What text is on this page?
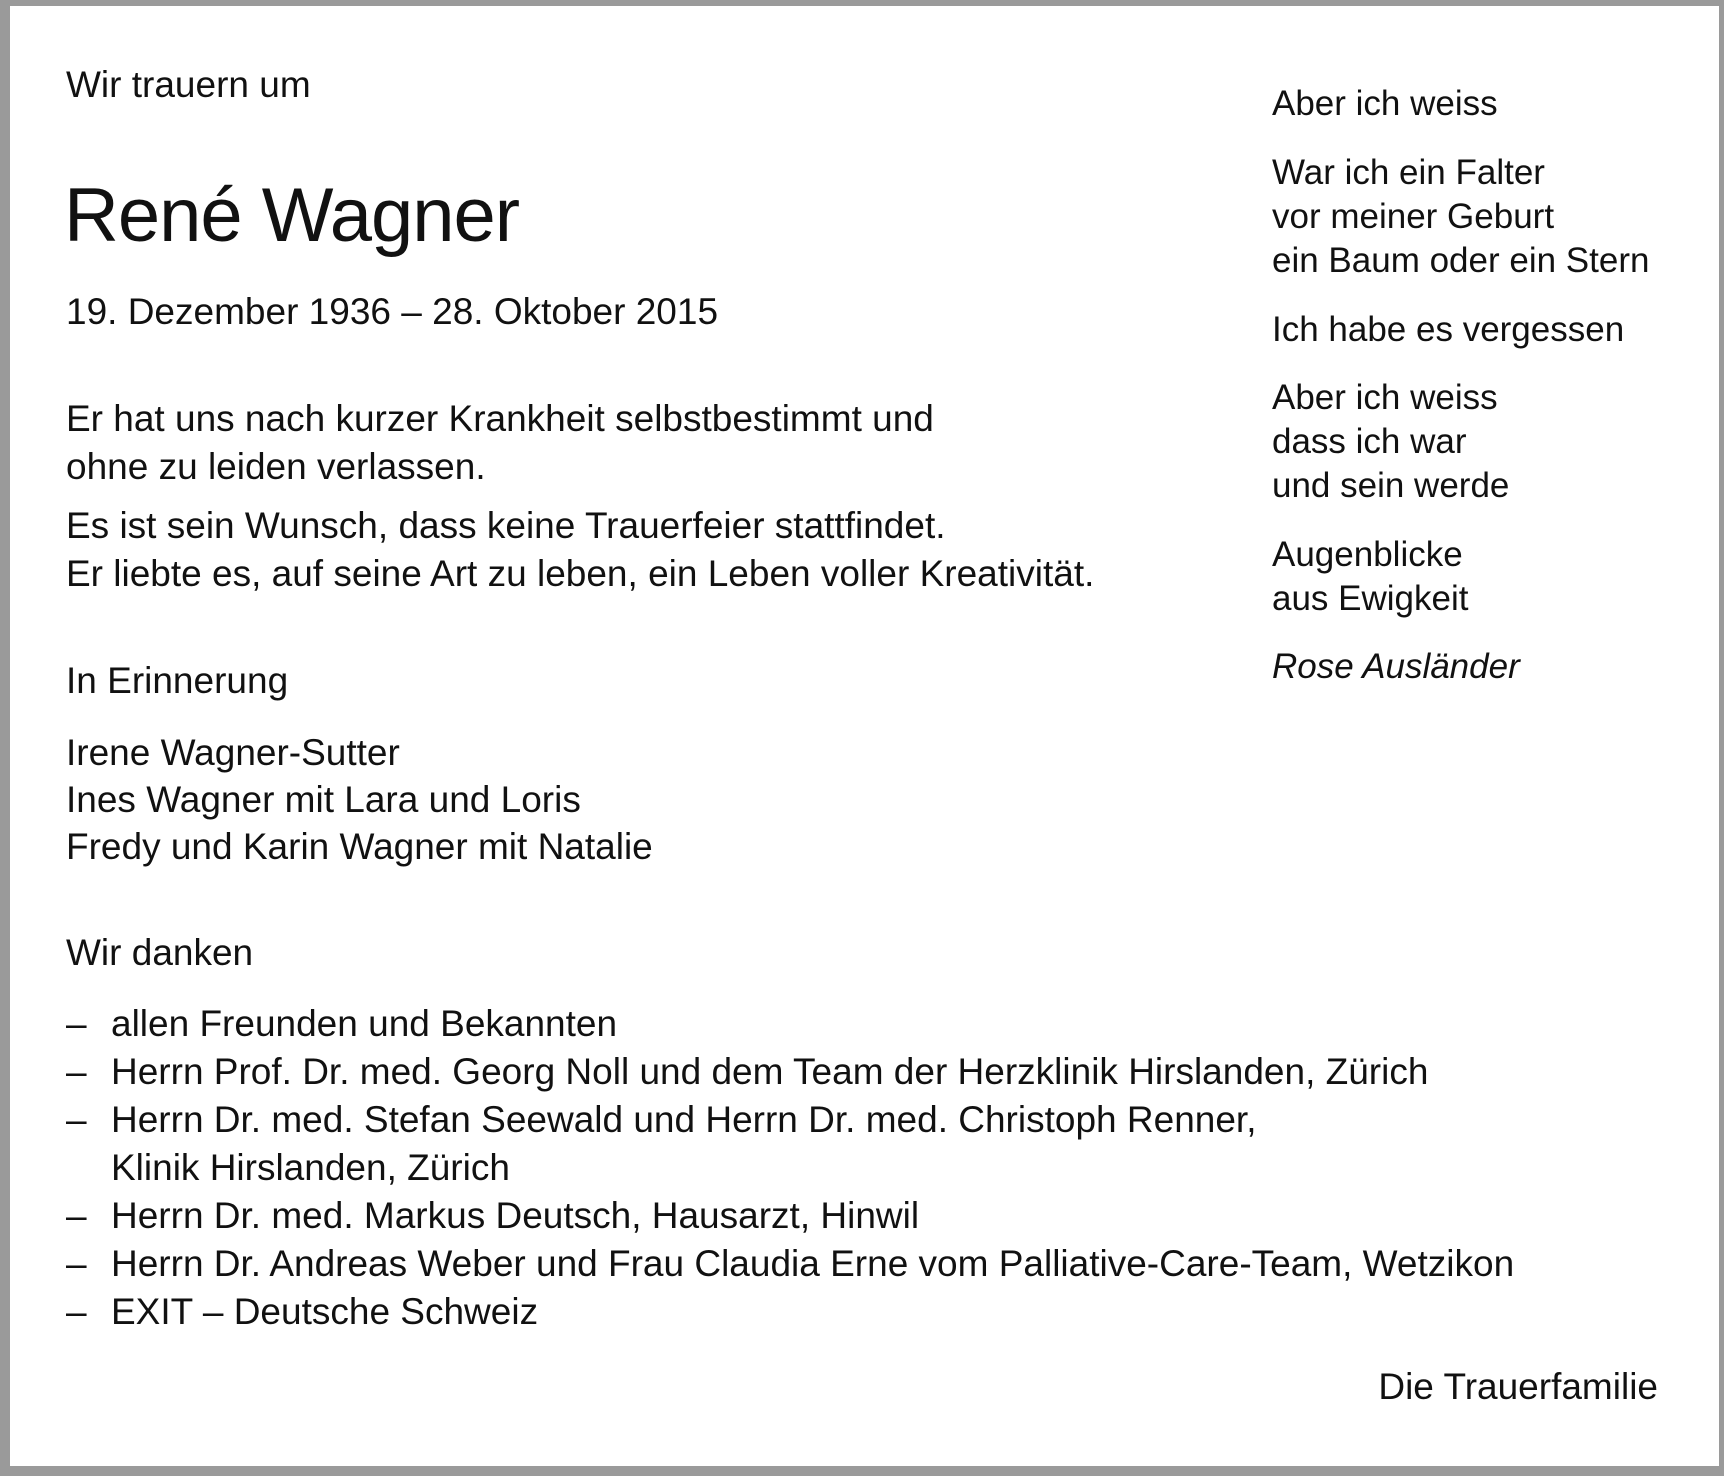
Wir trauern um

René Wagner

19. Dezember 1936 – 28. Oktober 2015

Er hat uns nach kurzer Krankheit selbstbestimmt und

ohne zu leiden verlassen.

Es ist sein Wunsch, dass keine Trauerfeier stattfindet.

Er liebte es, auf seine Art zu leben, ein Leben voller Kreativität.

In Erinnerung

Irene Wagner-Sutter

Ines Wagner mit Lara und Loris

Fredy und Karin Wagner mit Natalie

Wir danken

– allen Freunden und Bekannten
– Herrn Prof. Dr. med. Georg Noll und dem Team der Herzklinik Hirslanden, Zürich
– Herrn Dr. med. Stefan Seewald und Herrn Dr. med. Christoph Renner,
Klinik Hirslanden, Zürich
– Herrn Dr. med. Markus Deutsch, Hausarzt, Hinwil
– Herrn Dr. Andreas Weber und Frau Claudia Erne vom Palliative-Care-Team, Wetzikon
– EXIT – Deutsche Schweiz

Die Trauerfamilie

Aber ich weiss

War ich ein Falter

vor meiner Geburt

ein Baum oder ein Stern

Ich habe es vergessen

Aber ich weiss

dass ich war

und sein werde

Augenblicke

aus Ewigkeit

Rose Ausländer
